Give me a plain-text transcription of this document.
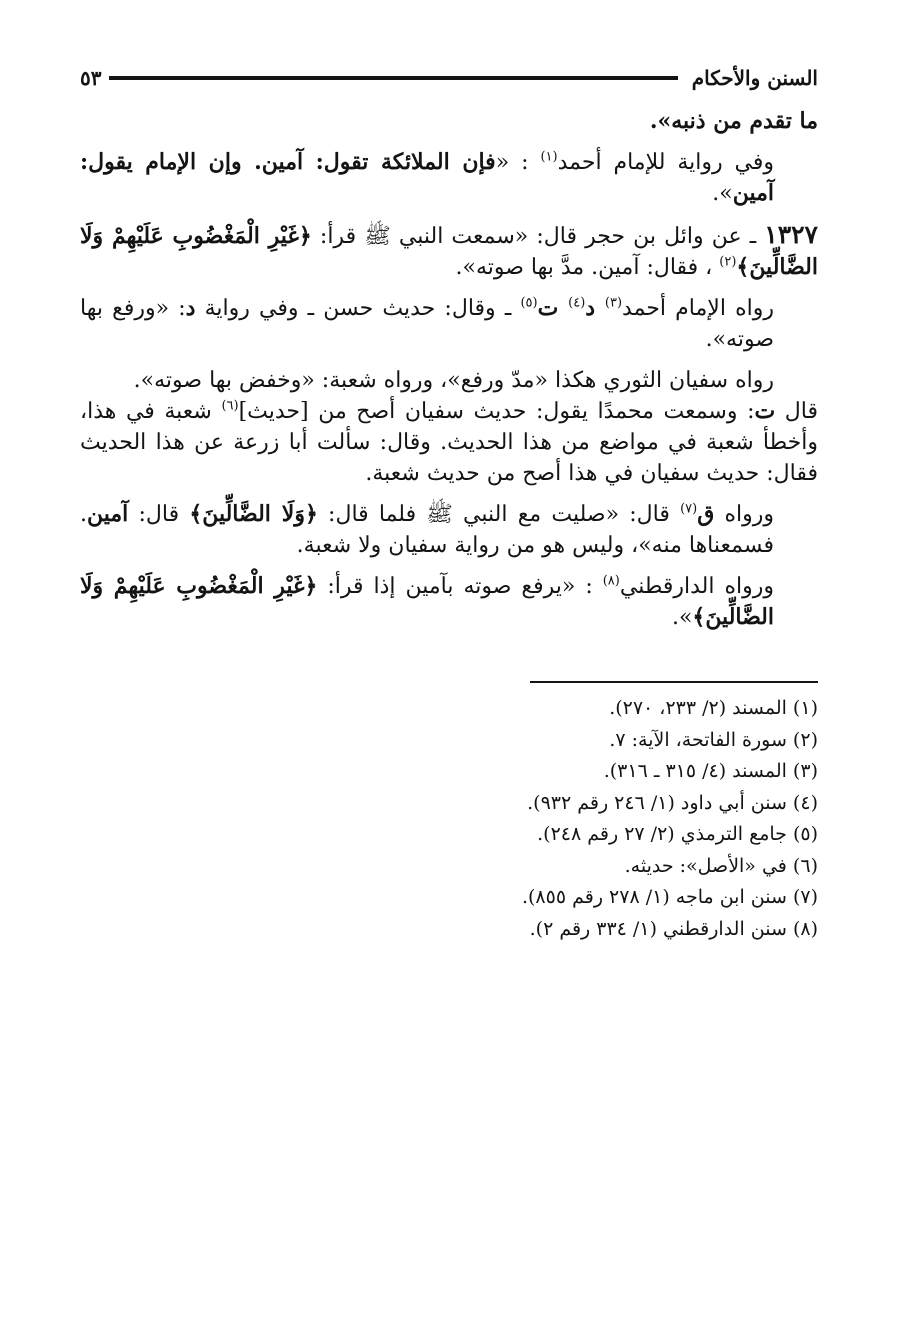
السنن والأحكام
٥٣

ما تقدم من ذنبه».

وفي رواية للإمام أحمد$^{(١)}$ : «فإن الملائكة تقول: آمين. وإن الإمام يقول: آمين».

١٣٢٧ ـ عن وائل بن حجر قال: «سمعت النبي ﷺ قرأ: ﴿غَيْرِ الْمَغْضُوبِ عَلَيْهِمْ وَلَا الضَّالِّينَ﴾$^{(٢)}$ ، فقال: آمين. مدَّ بها صوته».

رواه الإمام أحمد$^{(٣)}$ د$^{(٤)}$ ت$^{(٥)}$ ـ وقال: حديث حسن ـ وفي رواية د: «ورفع بها صوته».

رواه سفيان الثوري هكذا «مدّ ورفع»، ورواه شعبة: «وخفض بها صوته».

قال ت: وسمعت محمدًا يقول: حديث سفيان أصح من [حديث]$^{(٦)}$ شعبة في هذا، وأخطأ شعبة في مواضع من هذا الحديث. وقال: سألت أبا زرعة عن هذا الحديث فقال: حديث سفيان في هذا أصح من حديث شعبة.

ورواه ق$^{(٧)}$ قال: «صليت مع النبي ﷺ فلما قال: ﴿وَلَا الضَّالِّينَ﴾ قال: آمين. فسمعناها منه»، وليس هو من رواية سفيان ولا شعبة.

ورواه الدارقطني$^{(٨)}$ : «يرفع صوته بآمين إذا قرأ: ﴿غَيْرِ الْمَغْضُوبِ عَلَيْهِمْ وَلَا الضَّالِّينَ﴾».

(١) المسند (٢/ ٢٣٣، ٢٧٠).

(٢) سورة الفاتحة، الآية: ٧.

(٣) المسند (٤/ ٣١٥ ـ ٣١٦).

(٤) سنن أبي داود (١/ ٢٤٦ رقم ٩٣٢).

(٥) جامع الترمذي (٢/ ٢٧ رقم ٢٤٨).

(٦) في «الأصل»: حديثه.

(٧) سنن ابن ماجه (١/ ٢٧٨ رقم ٨٥٥).

(٨) سنن الدارقطني (١/ ٣٣٤ رقم ٢).
